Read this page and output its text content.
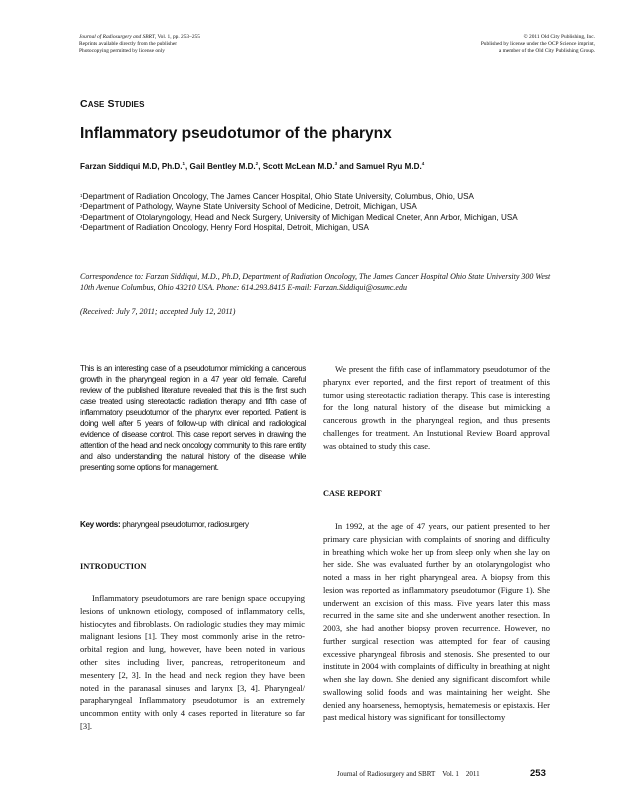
Journal of Radiosurgery and SBRT, Vol. 1, pp. 253–255
Reprints available directly from the publisher
Photocopying permitted by license only
© 2011 Old City Publishing, Inc.
Published by license under the OCP Science imprint,
a member of the Old City Publishing Group.
CASE STUDIES
Inflammatory pseudotumor of the pharynx
Farzan Siddiqui M.D, Ph.D.$^1$, Gail Bentley M.D.$^2$, Scott McLean M.D.$^3$ and Samuel Ryu M.D.$^4$
$^1$Department of Radiation Oncology, The James Cancer Hospital, Ohio State University, Columbus, Ohio, USA
$^2$Department of Pathology, Wayne State University School of Medicine, Detroit, Michigan, USA
$^3$Department of Otolaryngology, Head and Neck Surgery, University of Michigan Medical Cneter, Ann Arbor, Michigan, USA
$^4$Department of Radiation Oncology, Henry Ford Hospital, Detroit, Michigan, USA
Correspondence to: Farzan Siddiqui, M.D., Ph.D, Department of Radiation Oncology, The James Cancer Hospital Ohio State University 300 West 10th Avenue Columbus, Ohio 43210 USA. Phone: 614.293.8415 E-mail: Farzan.Siddiqui@osumc.edu
(Received: July 7, 2011; accepted July 12, 2011)
This is an interesting case of a pseudotumor mimicking a cancerous growth in the pharyngeal region in a 47 year old female. Careful review of the published literature revealed that this is the first such case treated using stereotactic radiation therapy and fifth case of inflammatory pseudotumor of the pharynx ever reported. Patient is doing well after 5 years of follow-up with clinical and radiological evidence of disease control. This case report serves in drawing the attention of the head and neck oncology community to this rare entity and also understanding the natural history of the disease while presenting some options for management.
Key words: pharyngeal pseudotumor, radiosurgery
INTRODUCTION

Inflammatory pseudotumors are rare benign space occupying lesions of unknown etiology, composed of inflammatory cells, histiocytes and fibroblasts. On radiologic studies they may mimic malignant lesions [1]. They most commonly arise in the retro-orbital region and lung, however, have been noted in various other sites including liver, pancreas, retroperitoneum and mesentery [2, 3]. In the head and neck region they have been noted in the paranasal sinuses and larynx [3, 4]. Pharyngeal/ parapharyngeal Inflammatory pseudotumor is an extremely uncommon entity with only 4 cases reported in literature so far [3].

We present the fifth case of inflammatory pseudotumor of the pharynx ever reported, and the first report of treatment of this tumor using stereotactic radiation therapy. This case is interesting for the long natural history of the disease but mimicking a cancerous growth in the pharyngeal region, and thus presents challenges for treatment. An Instutional Review Board approval was obtained to study this case.

CASE REPORT

In 1992, at the age of 47 years, our patient presented to her primary care physician with complaints of snoring and difficulty in breathing which woke her up from sleep only when she lay on her side. She was evaluated further by an otolaryngologist who noted a mass in her right pharyngeal area. A biopsy from this lesion was reported as inflammatory pseudotumor (Figure 1). She underwent an excision of this mass. Five years later this mass recurred in the same site and she underwent another resection. In 2003, she had another biopsy proven recurrence. However, no further surgical resection was attempted for fear of causing excessive pharyngeal fibrosis and stenosis. She presented to our institute in 2004 with complaints of difficulty in breathing at night when she lay down. She denied any significant discomfort while swallowing solid foods and was maintaining her weight. She denied any hoarseness, hemoptysis, hematemesis or epistaxis. Her past medical history was significant for tonsillectomy

Journal of Radiosurgery and SBRT Vol. 1 2011	253
